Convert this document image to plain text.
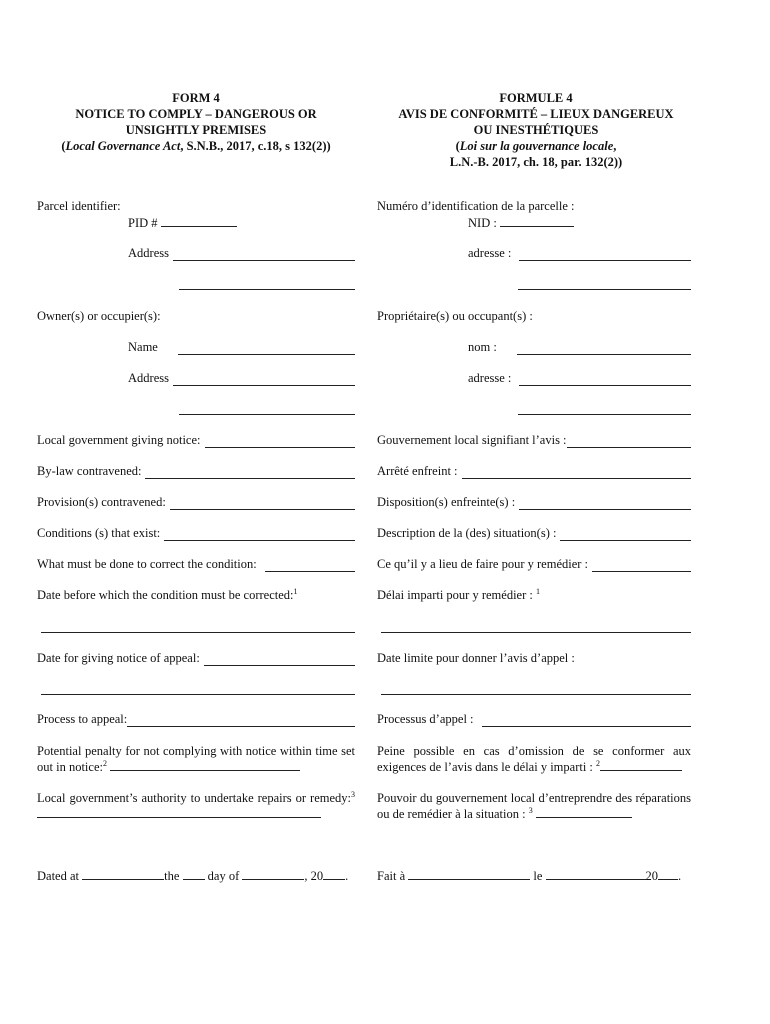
FORM 4
NOTICE TO COMPLY – DANGEROUS OR
UNSIGHTLY PREMISES
(Local Governance Act, S.N.B., 2017, c.18, s 132(2))
Parcel identifier:
PID #
Address
Owner(s) or occupier(s):
Name
Address
Local government giving notice:
By-law contravened:
Provision(s) contravened:
Conditions (s) that exist:
What must be done to correct the condition:
Date before which the condition must be corrected:$^1$
Date for giving notice of appeal:
Process to appeal:
Potential penalty for not complying with notice within time set out in notice:$^2$
Local government’s authority to undertake repairs or remedy:$^3$
Dated at	the day of	, 20 .
FORMULE 4
AVIS DE CONFORMITÉ – LIEUX DANGEREUX
OU INESTHÉTIQUES
(Loi sur la gouvernance locale,
L.N.-B. 2017, ch. 18, par. 132(2))
Numéro d’identification de la parcelle :
NID :
adresse :
Propriétaire(s) ou occupant(s) :
nom :
adresse :
Gouvernement local signifiant l’avis :
Arrêté enfreint :
Disposition(s) enfreinte(s) :
Description de la (des) situation(s) :
Ce qu’il y a lieu de faire pour y remédier :
Délai imparti pour y remédier : $^1$
Date limite pour donner l’avis d’appel :
Processus d’appel :
Peine possible en cas d’omission de se conformer aux exigences de l’avis dans le délai y imparti : $^2$
Pouvoir du gouvernement local d’entreprendre des réparations ou de remédier à la situation : $^3$
Fait à	le	20 .
